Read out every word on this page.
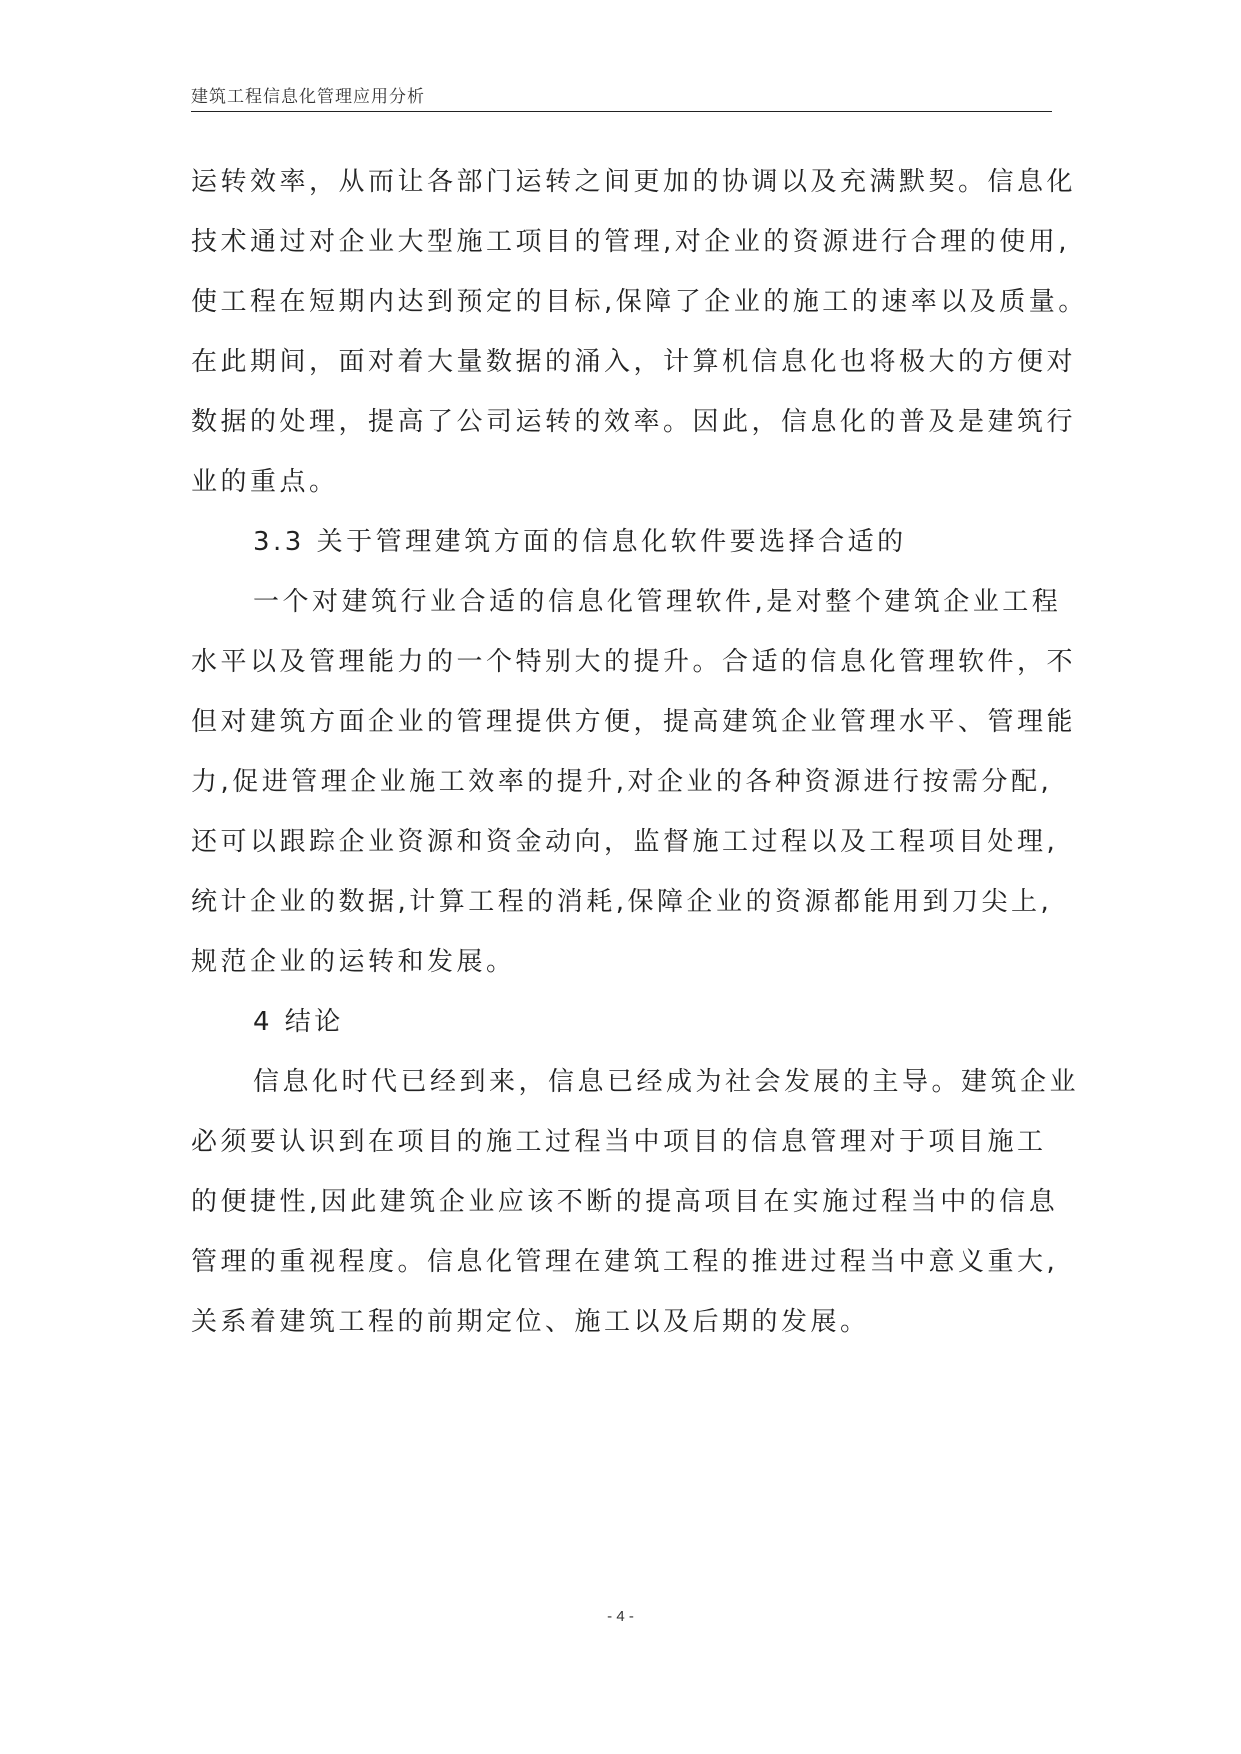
建筑工程信息化管理应用分析
运转效率，从而让各部门运转之间更加的协调以及充满默契。信息化
技术通过对企业大型施工项目的管理,对企业的资源进行合理的使用,
使工程在短期内达到预定的目标,保障了企业的施工的速率以及质量。
在此期间，面对着大量数据的涌入，计算机信息化也将极大的方便对
数据的处理，提高了公司运转的效率。因此，信息化的普及是建筑行
业的重点。
3.3 关于管理建筑方面的信息化软件要选择合适的
一个对建筑行业合适的信息化管理软件,是对整个建筑企业工程
水平以及管理能力的一个特别大的提升。合适的信息化管理软件，不
但对建筑方面企业的管理提供方便，提高建筑企业管理水平、管理能
力,促进管理企业施工效率的提升,对企业的各种资源进行按需分配,
还可以跟踪企业资源和资金动向，监督施工过程以及工程项目处理,
统计企业的数据,计算工程的消耗,保障企业的资源都能用到刀尖上,
规范企业的运转和发展。
4 结论
信息化时代已经到来，信息已经成为社会发展的主导。建筑企业
必须要认识到在项目的施工过程当中项目的信息管理对于项目施工
的便捷性,因此建筑企业应该不断的提高项目在实施过程当中的信息
管理的重视程度。信息化管理在建筑工程的推进过程当中意义重大,
关系着建筑工程的前期定位、施工以及后期的发展。
- 4 -
